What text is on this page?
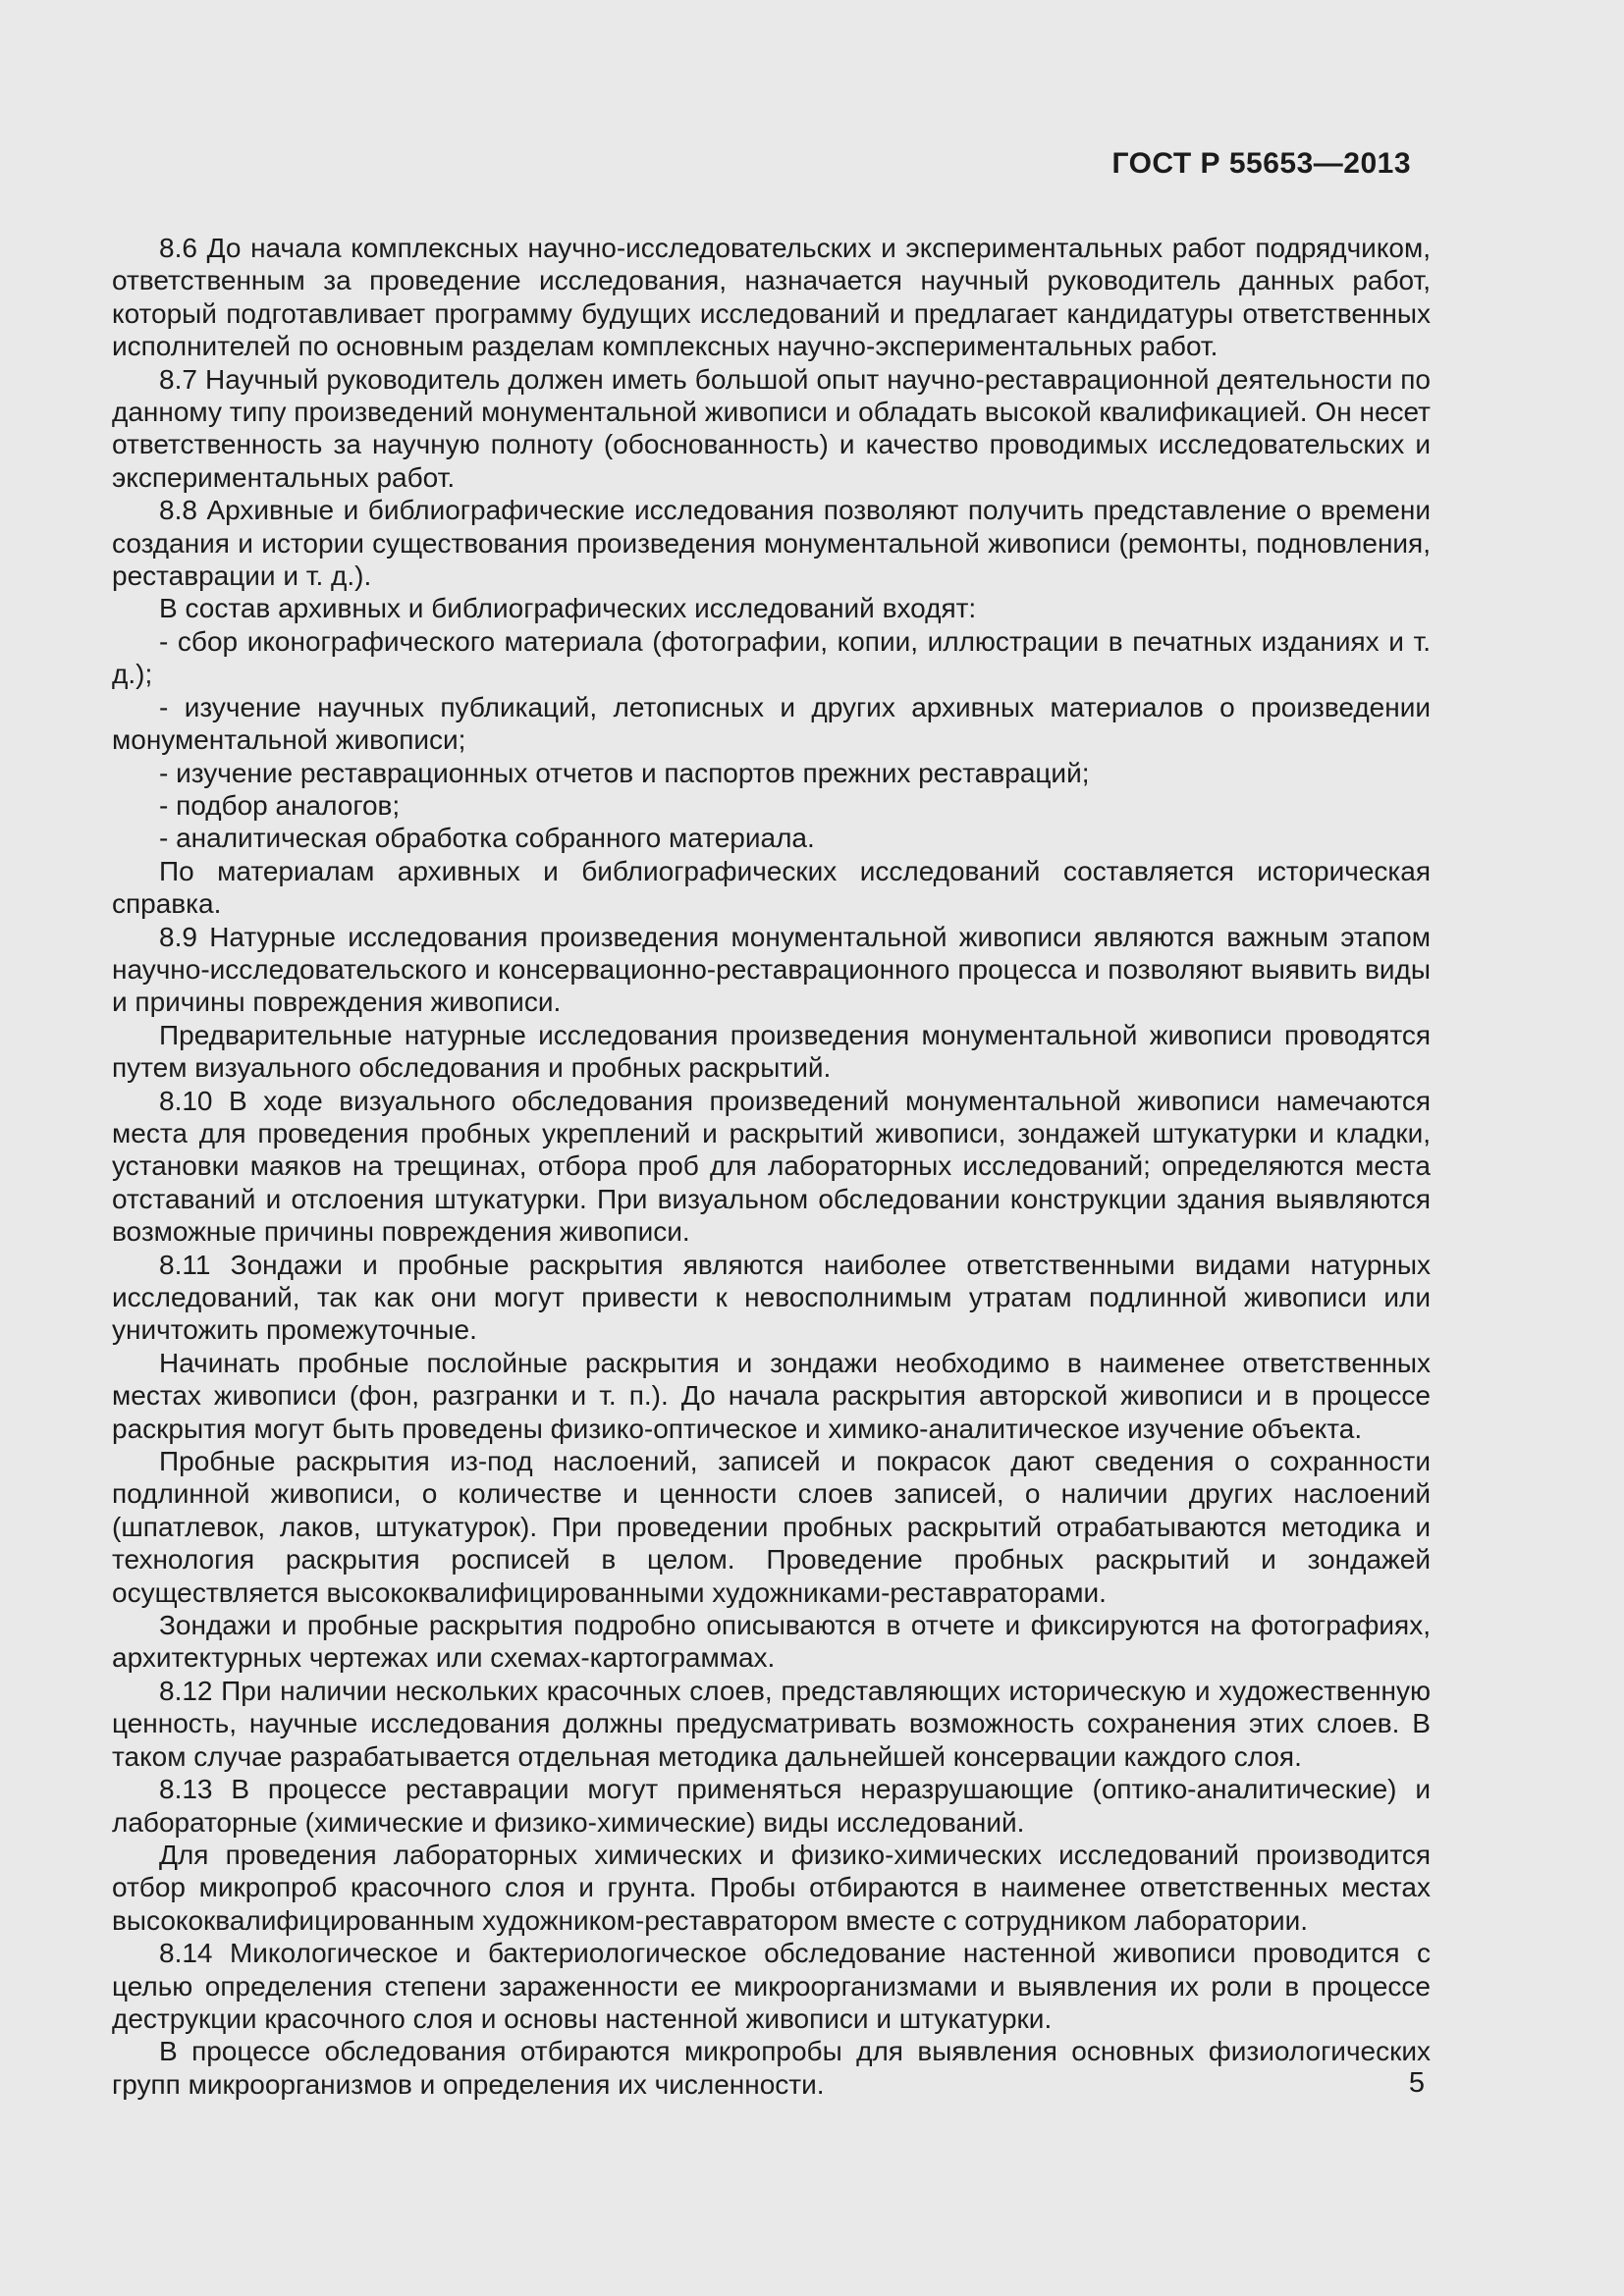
ГОСТ Р 55653—2013

8.6 До начала комплексных научно-исследовательских и экспериментальных работ подрядчиком, ответственным за проведение исследования, назначается научный руководитель данных работ, который подготавливает программу будущих исследований и предлагает кандидатуры ответственных исполнителей по основным разделам комплексных научно-экспериментальных работ.

8.7 Научный руководитель должен иметь большой опыт научно-реставрационной деятельности по данному типу произведений монументальной живописи и обладать высокой квалификацией. Он несет ответственность за научную полноту (обоснованность) и качество проводимых исследовательских и экспериментальных работ.

8.8 Архивные и библиографические исследования позволяют получить представление о времени создания и истории существования произведения монументальной живописи (ремонты, подновления, реставрации и т. д.).

В состав архивных и библиографических исследований входят:

- сбор иконографического материала (фотографии, копии, иллюстрации в печатных изданиях и т. д.);

- изучение научных публикаций, летописных и других архивных материалов о произведении монументальной живописи;

- изучение реставрационных отчетов и паспортов прежних реставраций;

- подбор аналогов;

- аналитическая обработка собранного материала.

По материалам архивных и библиографических исследований составляется историческая справка.

8.9 Натурные исследования произведения монументальной живописи являются важным этапом научно-исследовательского и консервационно-реставрационного процесса и позволяют выявить виды и причины повреждения живописи.

Предварительные натурные исследования произведения монументальной живописи проводятся путем визуального обследования и пробных раскрытий.

8.10 В ходе визуального обследования произведений монументальной живописи намечаются места для проведения пробных укреплений и раскрытий живописи, зондажей штукатурки и кладки, установки маяков на трещинах, отбора проб для лабораторных исследований; определяются места отставаний и отслоения штукатурки. При визуальном обследовании конструкции здания выявляются возможные причины повреждения живописи.

8.11 Зондажи и пробные раскрытия являются наиболее ответственными видами натурных исследований, так как они могут привести к невосполнимым утратам подлинной живописи или уничтожить промежуточные.

Начинать пробные послойные раскрытия и зондажи необходимо в наименее ответственных местах живописи (фон, разгранки и т. п.). До начала раскрытия авторской живописи и в процессе раскрытия могут быть проведены физико-оптическое и химико-аналитическое изучение объекта.

Пробные раскрытия из-под наслоений, записей и покрасок дают сведения о сохранности подлинной живописи, о количестве и ценности слоев записей, о наличии других наслоений (шпатлевок, лаков, штукатурок). При проведении пробных раскрытий отрабатываются методика и технология раскрытия росписей в целом. Проведение пробных раскрытий и зондажей осуществляется высококвалифицированными художниками-реставраторами.

Зондажи и пробные раскрытия подробно описываются в отчете и фиксируются на фотографиях, архитектурных чертежах или схемах-картограммах.

8.12 При наличии нескольких красочных слоев, представляющих историческую и художественную ценность, научные исследования должны предусматривать возможность сохранения этих слоев. В таком случае разрабатывается отдельная методика дальнейшей консервации каждого слоя.

8.13 В процессе реставрации могут применяться неразрушающие (оптико-аналитические) и лабораторные (химические и физико-химические) виды исследований.

Для проведения лабораторных химических и физико-химических исследований производится отбор микропроб красочного слоя и грунта. Пробы отбираются в наименее ответственных местах высококвалифицированным художником-реставратором вместе с сотрудником лаборатории.

8.14 Микологическое и бактериологическое обследование настенной живописи проводится с целью определения степени зараженности ее микроорганизмами и выявления их роли в процессе деструкции красочного слоя и основы настенной живописи и штукатурки.

В процессе обследования отбираются микропробы для выявления основных физиологических групп микроорганизмов и определения их численности.	5
